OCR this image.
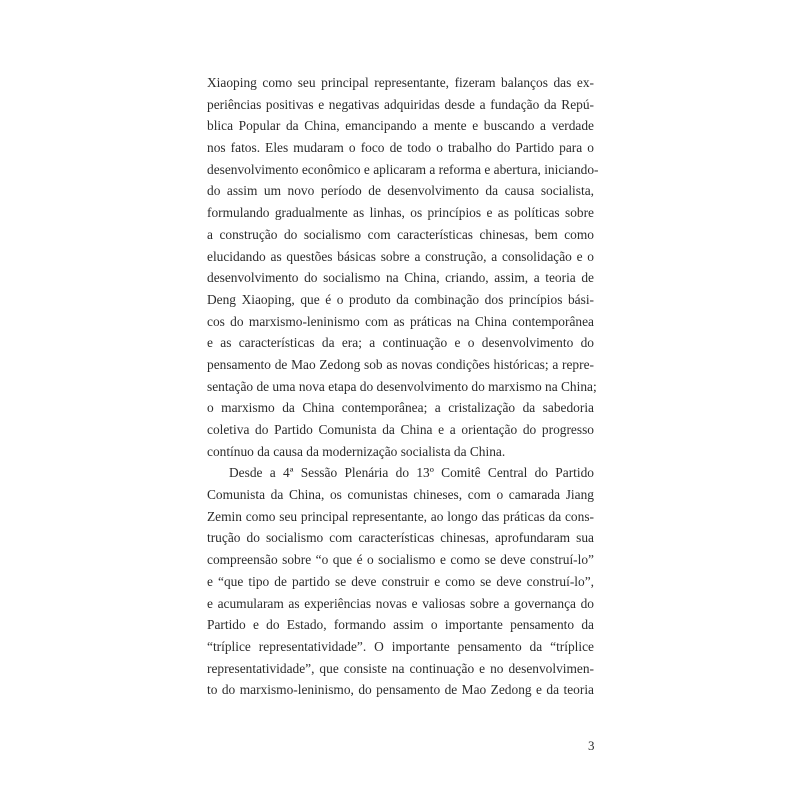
Xiaoping como seu principal representante, fizeram balanços das ex-
periências positivas e negativas adquiridas desde a fundação da Repú-
blica Popular da China, emancipando a mente e buscando a verdade
nos fatos. Eles mudaram o foco de todo o trabalho do Partido para o
desenvolvimento econômico e aplicaram a reforma e abertura, iniciando-
do assim um novo período de desenvolvimento da causa socialista,
formulando gradualmente as linhas, os princípios e as políticas sobre
a construção do socialismo com características chinesas, bem como
elucidando as questões básicas sobre a construção, a consolidação e o
desenvolvimento do socialismo na China, criando, assim, a teoria de
Deng Xiaoping, que é o produto da combinação dos princípios bási-
cos do marxismo-leninismo com as práticas na China contemporânea
e as características da era; a continuação e o desenvolvimento do
pensamento de Mao Zedong sob as novas condições históricas; a repre-
sentação de uma nova etapa do desenvolvimento do marxismo na China;
o marxismo da China contemporânea; a cristalização da sabedoria
coletiva do Partido Comunista da China e a orientação do progresso
contínuo da causa da modernização socialista da China.
Desde a 4ª Sessão Plenária do 13º Comitê Central do Partido
Comunista da China, os comunistas chineses, com o camarada Jiang
Zemin como seu principal representante, ao longo das práticas da cons-
trução do socialismo com características chinesas, aprofundaram sua
compreensão sobre “o que é o socialismo e como se deve construí-lo”
e “que tipo de partido se deve construir e como se deve construí-lo”,
e acumularam as experiências novas e valiosas sobre a governança do
Partido e do Estado, formando assim o importante pensamento da
“tríplice representatividade”. O importante pensamento da “tríplice
representatividade”, que consiste na continuação e no desenvolvimen-
to do marxismo-leninismo, do pensamento de Mao Zedong e da teoria
3
